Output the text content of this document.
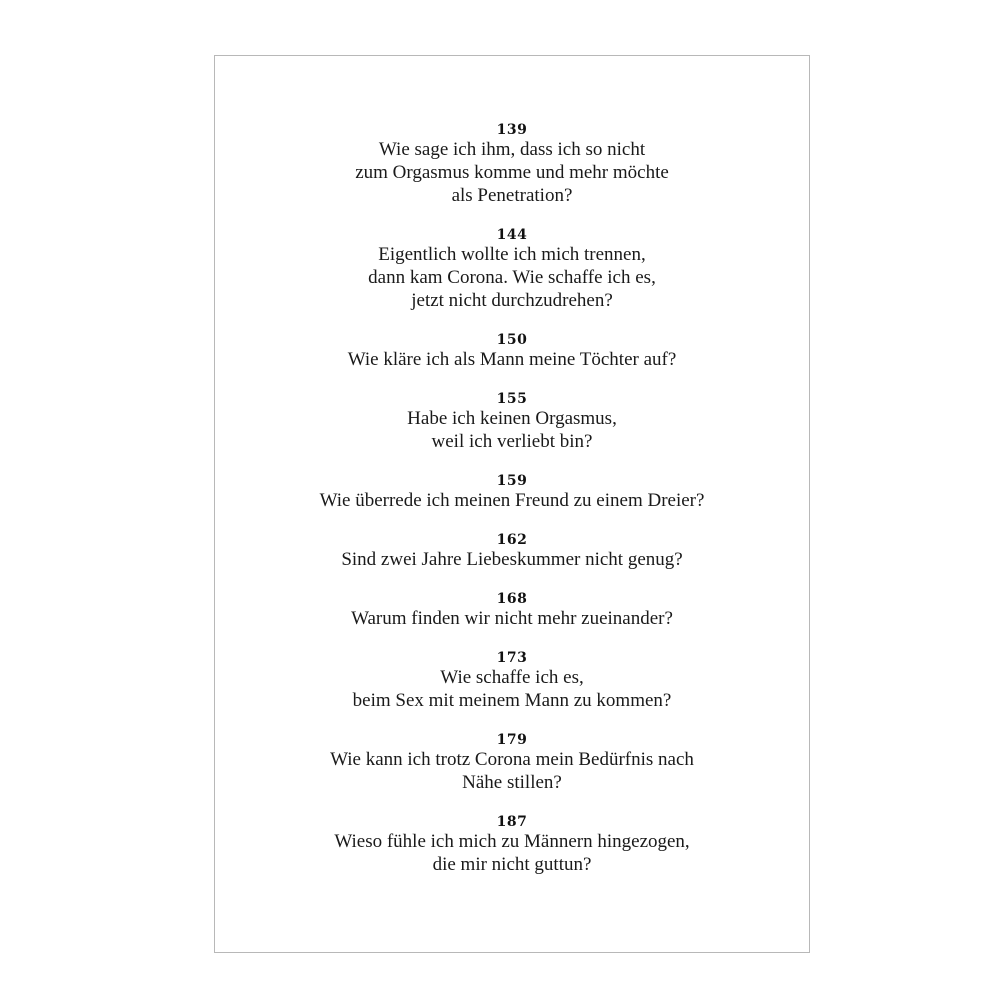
139
Wie sage ich ihm, dass ich so nicht
zum Orgasmus komme und mehr möchte
als Penetration?
144
Eigentlich wollte ich mich trennen,
dann kam Corona. Wie schaffe ich es,
jetzt nicht durchzudrehen?
150
Wie kläre ich als Mann meine Töchter auf?
155
Habe ich keinen Orgasmus,
weil ich verliebt bin?
159
Wie überrede ich meinen Freund zu einem Dreier?
162
Sind zwei Jahre Liebeskummer nicht genug?
168
Warum finden wir nicht mehr zueinander?
173
Wie schaffe ich es,
beim Sex mit meinem Mann zu kommen?
179
Wie kann ich trotz Corona mein Bedürfnis nach
Nähe stillen?
187
Wieso fühle ich mich zu Männern hingezogen,
die mir nicht guttun?
